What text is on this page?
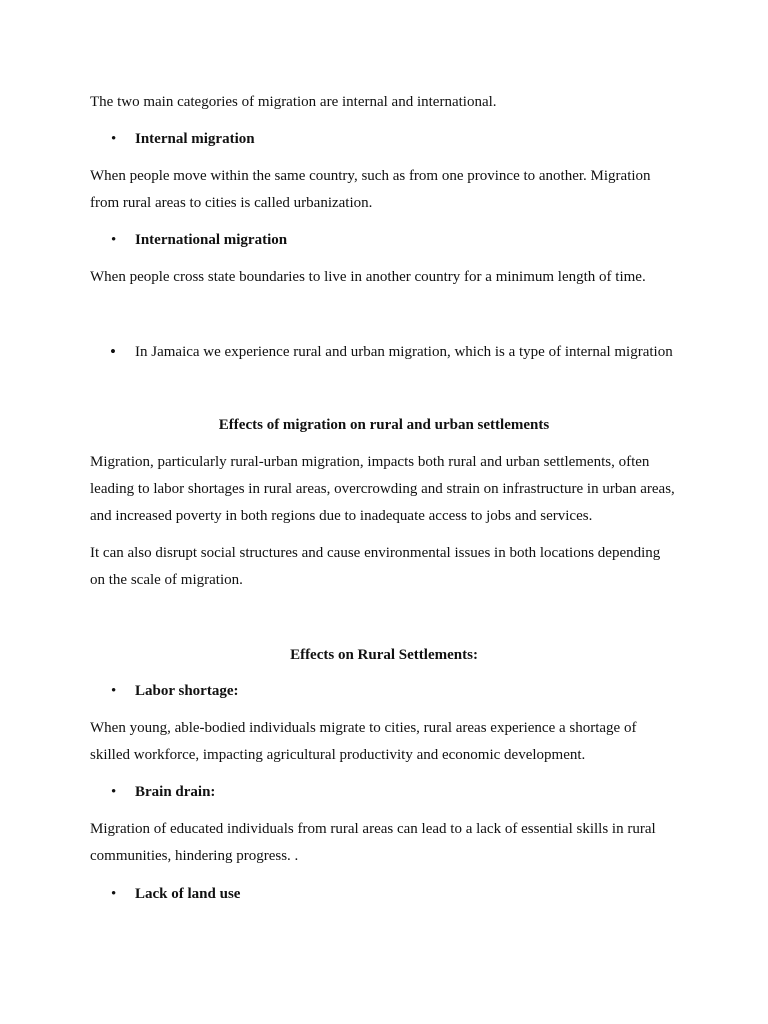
The two main categories of migration are internal and international.
• Internal migration
When people move within the same country, such as from one province to another. Migration
from rural areas to cities is called urbanization.
• International migration
When people cross state boundaries to live in another country for a minimum length of time.
• In Jamaica we experience rural and urban migration, which is a type of internal migration
Effects of migration on rural and urban settlements
Migration, particularly rural-urban migration, impacts both rural and urban settlements, often
leading to labor shortages in rural areas, overcrowding and strain on infrastructure in urban areas,
and increased poverty in both regions due to inadequate access to jobs and services.
It can also disrupt social structures and cause environmental issues in both locations depending
on the scale of migration.
Effects on Rural Settlements:
• Labor shortage:
When young, able-bodied individuals migrate to cities, rural areas experience a shortage of
skilled workforce, impacting agricultural productivity and economic development.
• Brain drain:
Migration of educated individuals from rural areas can lead to a lack of essential skills in rural
communities, hindering progress. .
• Lack of land use
